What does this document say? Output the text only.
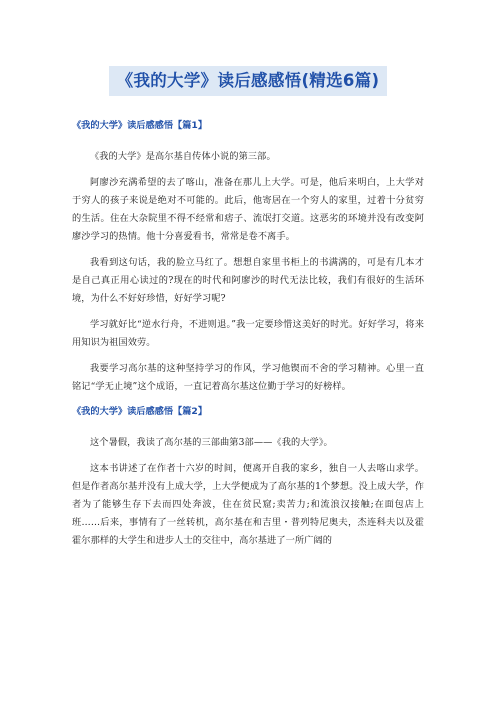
《我的大学》读后感感悟(精选6篇)
《我的大学》读后感感悟【篇1】

《我的大学》是高尔基自传体小说的第三部。

阿廖沙充满希望的去了喀山，准备在那儿上大学。可是，他后来明白，上大学对于穷人的孩子来说是绝对不可能的。此后，他寄居在一个穷人的家里，过着十分贫穷的生活。住在大杂院里不得不经常和痞子、流氓打交道。这恶劣的环境并没有改变阿廖沙学习的热情。他十分喜爱看书，常常是卷不离手。

我看到这句话，我的脸立马红了。想想自家里书柜上的书满满的，可是有几本才是自己真正用心读过的?现在的时代和阿廖沙的时代无法比较，我们有很好的生活环境，为什么不好好珍惜，好好学习呢?

学习就好比“逆水行舟，不进则退。”我一定要珍惜这美好的时光。好好学习，将来用知识为祖国效劳。

我要学习高尔基的这种坚持学习的作风，学习他锲而不舍的学习精神。心里一直铭记“学无止境”这个成语，一直记着高尔基这位勤于学习的好榜样。

《我的大学》读后感感悟【篇2】

这个暑假，我读了高尔基的三部曲第3部——《我的大学》。

这本书讲述了在作者十六岁的时间，便离开自我的家乡，独自一人去喀山求学。但是作者高尔基并没有上成大学，上大学便成为了高尔基的1个梦想。没上成大学，作者为了能够生存下去而四处奔波，住在贫民窟;卖苦力;和流浪汉接触;在面包店上班……后来，事情有了一丝转机，高尔基在和吉里・普列特尼奥夫，杰连科夫以及霍霍尔那样的大学生和进步人士的交往中，高尔基进了一所广阔的
